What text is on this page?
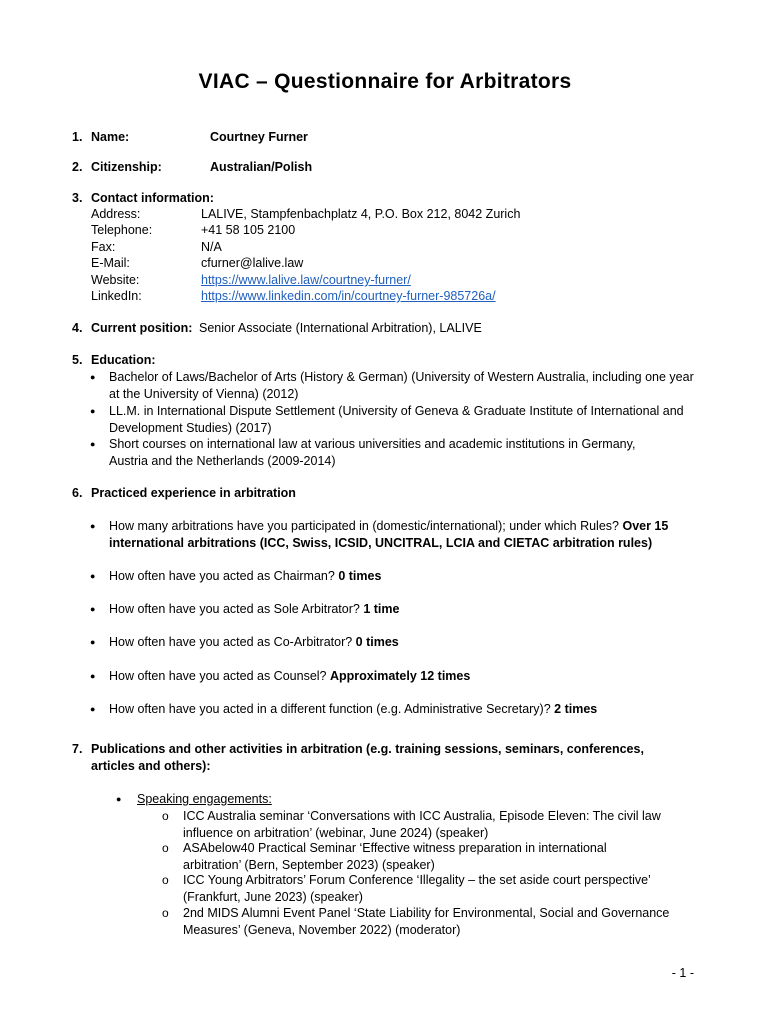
VIAC – Questionnaire for Arbitrators
1. Name:	Courtney Furner
2. Citizenship:	Australian/Polish
3. Contact information:
Address:	LALIVE, Stampfenbachplatz 4, P.O. Box 212, 8042 Zurich
Telephone:	+41 58 105 2100
Fax:	N/A
E-Mail:	cfurner@lalive.law
Website:	https://www.lalive.law/courtney-furner/
LinkedIn:	https://www.linkedin.com/in/courtney-furner-985726a/
4. Current position: Senior Associate (International Arbitration), LALIVE
5. Education:
● Bachelor of Laws/Bachelor of Arts (History & German) (University of Western Australia, including one year at the University of Vienna) (2012)
● LL.M. in International Dispute Settlement (University of Geneva & Graduate Institute of International and Development Studies) (2017)
● Short courses on international law at various universities and academic institutions in Germany, Austria and the Netherlands (2009-2014)
6. Practiced experience in arbitration
● How many arbitrations have you participated in (domestic/international); under which Rules? Over 15 international arbitrations (ICC, Swiss, ICSID, UNCITRAL, LCIA and CIETAC arbitration rules)
● How often have you acted as Chairman? 0 times
● How often have you acted as Sole Arbitrator? 1 time
● How often have you acted as Co-Arbitrator? 0 times
● How often have you acted as Counsel? Approximately 12 times
● How often have you acted in a different function (e.g. Administrative Secretary)? 2 times
7. Publications and other activities in arbitration (e.g. training sessions, seminars, conferences, articles and others):
● Speaking engagements:
o ICC Australia seminar ‘Conversations with ICC Australia, Episode Eleven: The civil law influence on arbitration’ (webinar, June 2024) (speaker)
o ASAbelow40 Practical Seminar ‘Effective witness preparation in international arbitration’ (Bern, September 2023) (speaker)
o ICC Young Arbitrators’ Forum Conference ‘Illegality – the set aside court perspective’ (Frankfurt, June 2023) (speaker)
o 2nd MIDS Alumni Event Panel ‘State Liability for Environmental, Social and Governance Measures’ (Geneva, November 2022) (moderator)
- 1 -
